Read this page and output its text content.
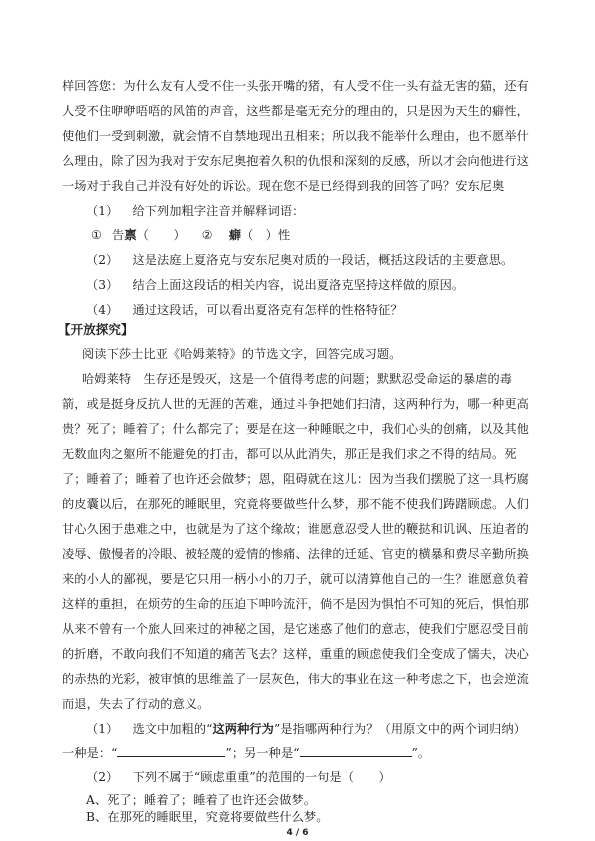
样回答您：为什么友有人受不住一头张开嘴的猪，有人受不住一头有益无害的猫，还有
人受不住咿咿唔唔的风笛的声音，这些都是毫无充分的理由的，只是因为天生的癖性，
使他们一受到刺激，就会情不自禁地现出丑相来；所以我不能举什么理由，也不愿举什
么理由，除了因为我对于安东尼奥抱着久积的仇恨和深刻的反感，所以才会向他进行这
一场对于我自己并没有好处的诉讼。现在您不是已经得到我的回答了吗？安东尼奥
（1） 给下列加粗字注音并解释词语：
① 告禀（　　） ② 癖（　）性
（2） 这是法庭上夏洛克与安东尼奥对质的一段话，概括这段话的主要意思。
（3） 结合上面这段话的相关内容，说出夏洛克坚持这样做的原因。
（4） 通过这段话，可以看出夏洛克有怎样的性格特征？
【开放探究】
阅读下莎士比亚《哈姆莱特》的节选文字，回答完成习题。
哈姆莱特　生存还是毁灭，这是一个值得考虑的问题；默默忍受命运的暴虐的毒
箭，或是挺身反抗人世的无涯的苦难，通过斗争把她们扫清，这两种行为，哪一种更高
贵？死了；睡着了；什么都完了；要是在这一种睡眠之中，我们心头的创痛，以及其他
无数血肉之躯所不能避免的打击，都可以从此消失，那正是我们求之不得的结局。死
了；睡着了；睡着了也许还会做梦；恩，阻碍就在这儿：因为当我们摆脱了这一具朽腐
的皮囊以后，在那死的睡眠里，究竟将要做些什么梦，那不能不使我们踌躇顾虑。人们
甘心久困于患难之中，也就是为了这个缘故；谁愿意忍受人世的鞭挞和讥讽、压迫者的
凌辱、傲慢者的冷眼、被轻蔑的爱情的惨痛、法律的迁延、官吏的横暴和费尽辛勤所换
来的小人的鄙视，要是它只用一柄小小的刀子，就可以清算他自己的一生？谁愿意负着
这样的重担，在烦劳的生命的压迫下呻吟流汗，倘不是因为惧怕不可知的死后，惧怕那
从来不曾有一个旅人回来过的神秘之国，是它迷惑了他们的意志，使我们宁愿忍受目前
的折磨，不敢向我们不知道的痛苦飞去？这样，重重的顾虑使我们全变成了懦夫，决心
的赤热的光彩，被审慎的思维盖了一层灰色，伟大的事业在这一种考虑之下，也会逆流
而退，失去了行动的意义。
（1） 选文中加粗的“这两种行为”是指哪两种行为？（用原文中的两个词归纳）
一种是：“	”；另一种是“	”。
（2） 下列不属于“顾虑重重”的范围的一句是（　　）
A、死了；睡着了；睡着了也许还会做梦。
B、在那死的睡眠里，究竟将要做些什么梦。
4 / 6
